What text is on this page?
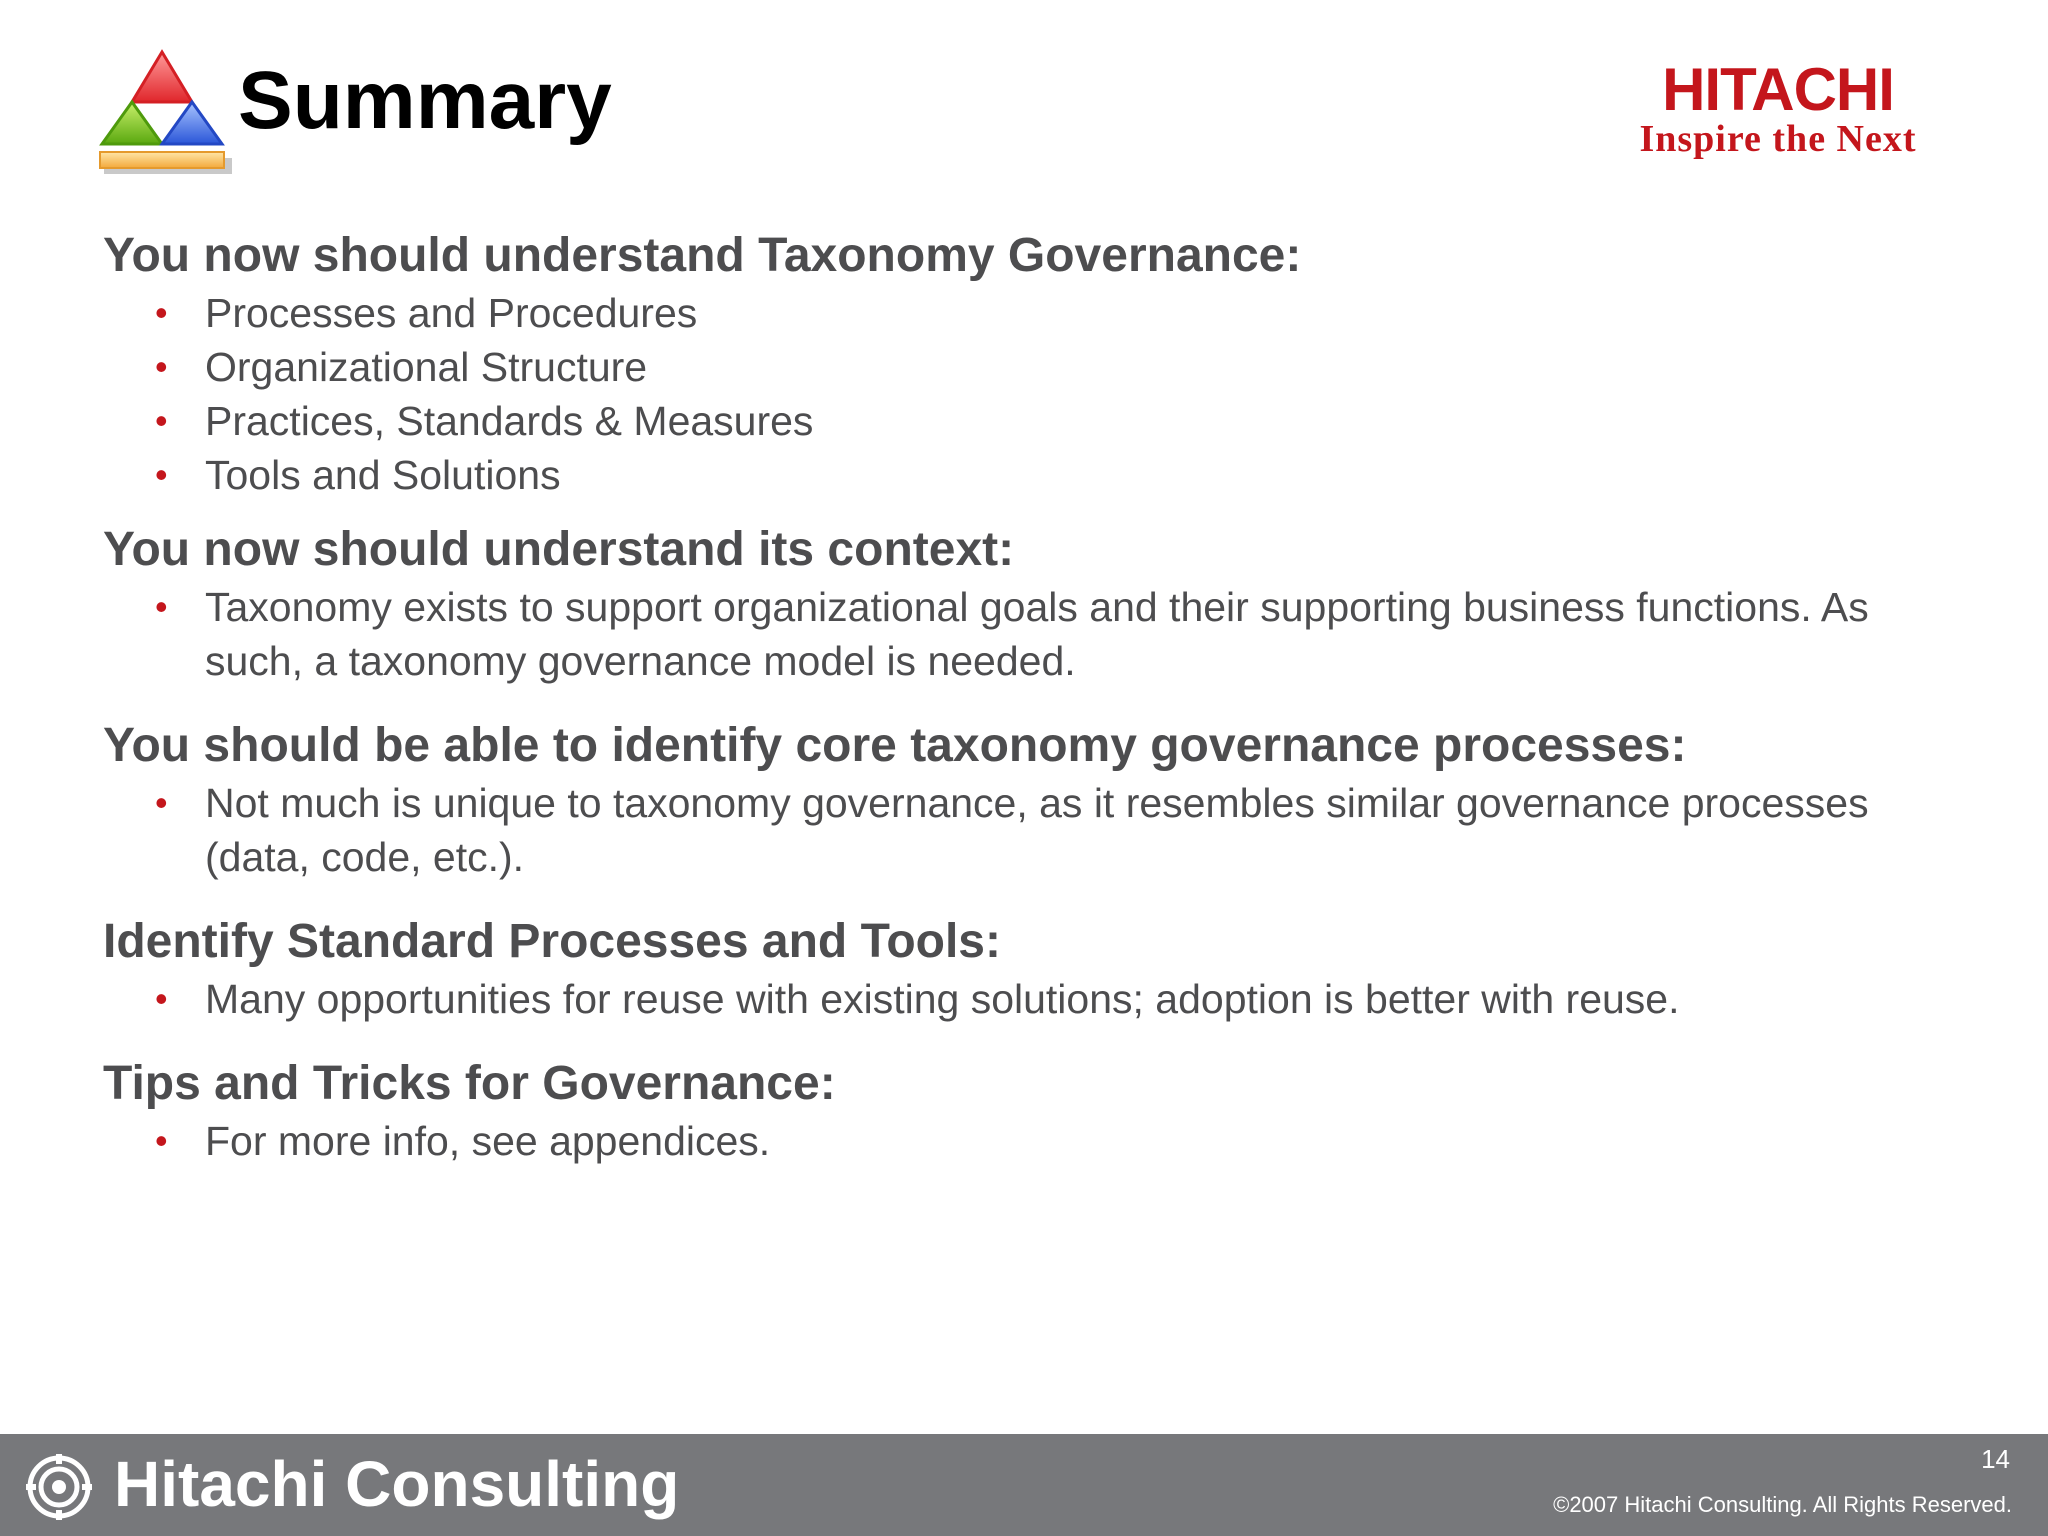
Summary	HITACHI
Inspire the Next
You now should understand Taxonomy Governance:
• Processes and Procedures
• Organizational Structure
• Practices, Standards & Measures
• Tools and Solutions
You now should understand its context:
• Taxonomy exists to support organizational goals and their supporting business functions. As such, a taxonomy governance model is needed.
You should be able to identify core taxonomy governance processes:
• Not much is unique to taxonomy governance, as it resembles similar governance processes (data, code, etc.).
Identify Standard Processes and Tools:
• Many opportunities for reuse with existing solutions; adoption is better with reuse.
Tips and Tricks for Governance:
• For more info, see appendices.
Hitachi Consulting	14
©2007 Hitachi Consulting. All Rights Reserved.
